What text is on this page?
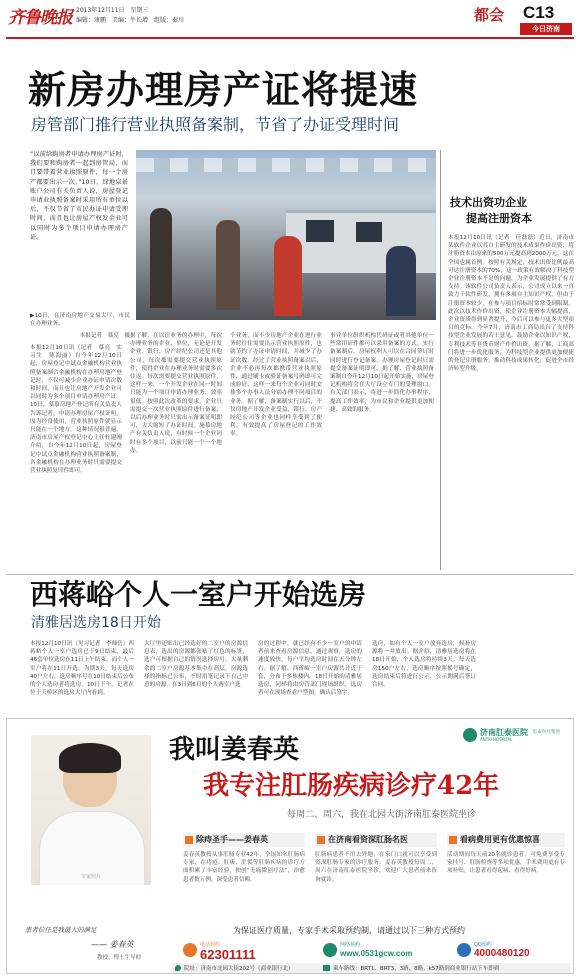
齐鲁晚报 2013年12月11日　星期三
编辑：康鹏　美编：牛长增　组版：秦川	都会 C13
今日济南
新房办理房产证将提速
房管部门推行营业执照备案制，节省了办证受理时间

“以前给购房者申请办理房产证时，我们要和购房者一起到房管局，而且要带着营业执照原件，每一个房产都要出示一次。”10日，绿地泉景账户公司有关负责人说，房屋登记申请业执照备案时采用所有单位以后，不仅节省了市民办证申请受理时间，而且也让房屋产权发金业可以同时为多个项目申请办理房产证。

▶10日，在济南房地产交易大厅，市民在办理业务。

本报记者　慕亮　摄

本报12月10日讯（记者　慕亮　实习生　陈海丽）自今年12月10日起，房屋登记中试点金融机构营业执照备案制合金融机构在办理房地产登记时，不仅可减少企业办证申请次数和时间，而且也让房地产开发企业可以同时为多个项目申请办理房产证。10日，慕慕房地产登记所有关负责人告诉记者，申请办理房屋产权证明，因为经常使用，营业执照原件就显示只能在一个地方。这种情况很普遍。济南市房屋产权登记中心主任杜建刚介绍，自今年12月10日起，房屋登记中试点金融机构营业执照备案制，各金融机构在办理业务时只需要提交营业执照复印件即可。

据了解，在以往业务的办理中，每次办理业务的企业、单位，无论是开发企业、银行、房产经纪公司还是其他公司，每次都需要提交营业执照原件，使得企业在办理业务时需要多次往返。每次需要提交营业执照原件，这样一来，一个开发企业在同一时间只能为一个项目申请办理业务，效率很低。按照此次改革的要求，企业只需提交一次营业执照原件进行备案，以后办理业务时只需出示备案证明即可，大大缩短了办证时间。施慕房地产有关负责人说，有时候一个企业同时有多个项目，以前只能一个一个地办。

个业务，而不少房地产企业在进行业务时往往需要出示营业执照原件，也就节约了办证申请时间，并减少了办证次数。经过了营业执照备案以后，企业不必再每次都携带营业执照原件，通过刷卡或验证备案号码即可完成验证，这样一来每个企业可同时安排多个办事人员分别办理不同项目的业务。据了解，备案制实行以后，不仅房地产开发企业受益，银行、房产经纪公司等企业也同样享受到了便利，有效提高了房屋登记的工作效率。

事业单位组织机构代码证或者其他单位一些常用证件都可以采用备案的方式。实行备案制后，房屋权利人可以在合同签订时同时进行登记备案，办理房屋登记时只需提交备案证明即可。据了解，营业执照备案制自今年12月10日起开始实施，房屋登记机构将会在大厅设立专门的受理窗口。有关部门表示，将进一步简化办事程序，提高工作效率，为市民和企业提供更加便捷、高效的服务。

技术出资功企业
提高注册资本

本报12月10日讯（记者　任磊磊）近日，济南市某软件企业以其自主研发的技术成果作价出资，将注册资本由原来的500万元提高到2000万元，这在全国也属首例。按照有关规定，技术出资比例最高可达注册资本的70%，这一政策有效解决了科技型企业注册资本不足的问题，为企业发展提供了有力支持。该软件公司负责人表示，公司成立以来一直致力于软件研发，拥有多项自主知识产权，但由于注册资本较少，在参与项目招标时常常受到限制。此次以技术作价出资，使企业注册资本大幅提高，企业资质得到显著提升，今后可以参与更多大型项目的竞标。今年7月，济南市工商局出台了支持科技型企业发展的若干意见，鼓励企业以知识产权、专利技术等非货币财产作价出资。据了解，工商部门将进一步优化服务，为科技型企业提供更加便捷的登记注册服务，推动科技成果转化，促进全市经济转型升级。

西蒋峪个人一室户开始选房
清雅居选房18日开始

本报12月10日讯（见习记者　李师岳）西蒋峪个人一室户选房已于9日结束，最后46套单位选房在11日上午结束。而个人一室户将在11日开选，为期3天，每天选房40户左右，选房顺序号在10日结束后公布的个人选房者将选房。10日下午，记者在位于天桥区的选房大厅内看到。

大厅里还贴出已经选好的二室户的房源信息表，选出的房源都张贴了红色的标签，选户可根据自己的情况选择房号，大量剩余的二室户房源基本集中在高层，房源选择的指标已公布，不时用笔记录下自己中意的房源。在3日到6日的个人两室户选

房的过程中，就已经有不少一室户的申请者前来查看房源信息，通过观察，选房的速度较快，每户平均选房时间在五分钟左右。据了解，西蒋峪一室户房源共计近千套，分布于多栋楼内。18日开始的清雅居选房，同样将由房管部门现场组织，选房者可在现场查看户型图，确认后签字。

选房，如有个人一室户放弃选房，候补房源将一并放出。据介绍，清雅居选房将在18日开始，个人选房将持续3天，每天选房150户左右，选房顺序按照摇号确定，选房结束后将进行公示，公示期满后签订合同。

济南肛泰医院
ANTAI HOSPITAL
肛泰医疗集团
我叫姜春英
我专注肛肠疾病诊疗42年
每周二、周六，我在北园大街济南肛泰医院坐诊
专家照片
患者信任是我最大的满足
—— 姜春英
教授、博士生导师
除痔圣手——姜春英

姜春英教授从事肛肠专业42年，全国知名肛肠病专家，在痔疮、肛瘘、肛裂等肛肠疾病的诊疗方面积累了丰富经验，独创“无痛微创疗法”，治愈患者数万例，深受患者信赖。

在济南看资深肛肠名医

肛肠病患者不用去外地，在家门口就可以享受到资深肛肠专家的诊疗服务。姜春英教授每周二、周六在济南肛泰医院坐诊，欢迎广大患者前来咨询就诊。

看病费用更有优惠惊喜

活动期间每天前20名就诊患者，可免费享受专家挂号、肛肠检查等多项优惠，手术费用更有专项补贴，让患者看得起病、看得好病。

为保证医疗质量，专家手术采取预约制，请通过以下三种方式预约
电话预约
62301111
网络预约
www.0531gcw.com
QQ预约
4000480120
院址：济南市北园大街202号（商业银行北）	乘车路线：BRT1、BRT3、3路、8路、k57路到商业银行站下车即到
